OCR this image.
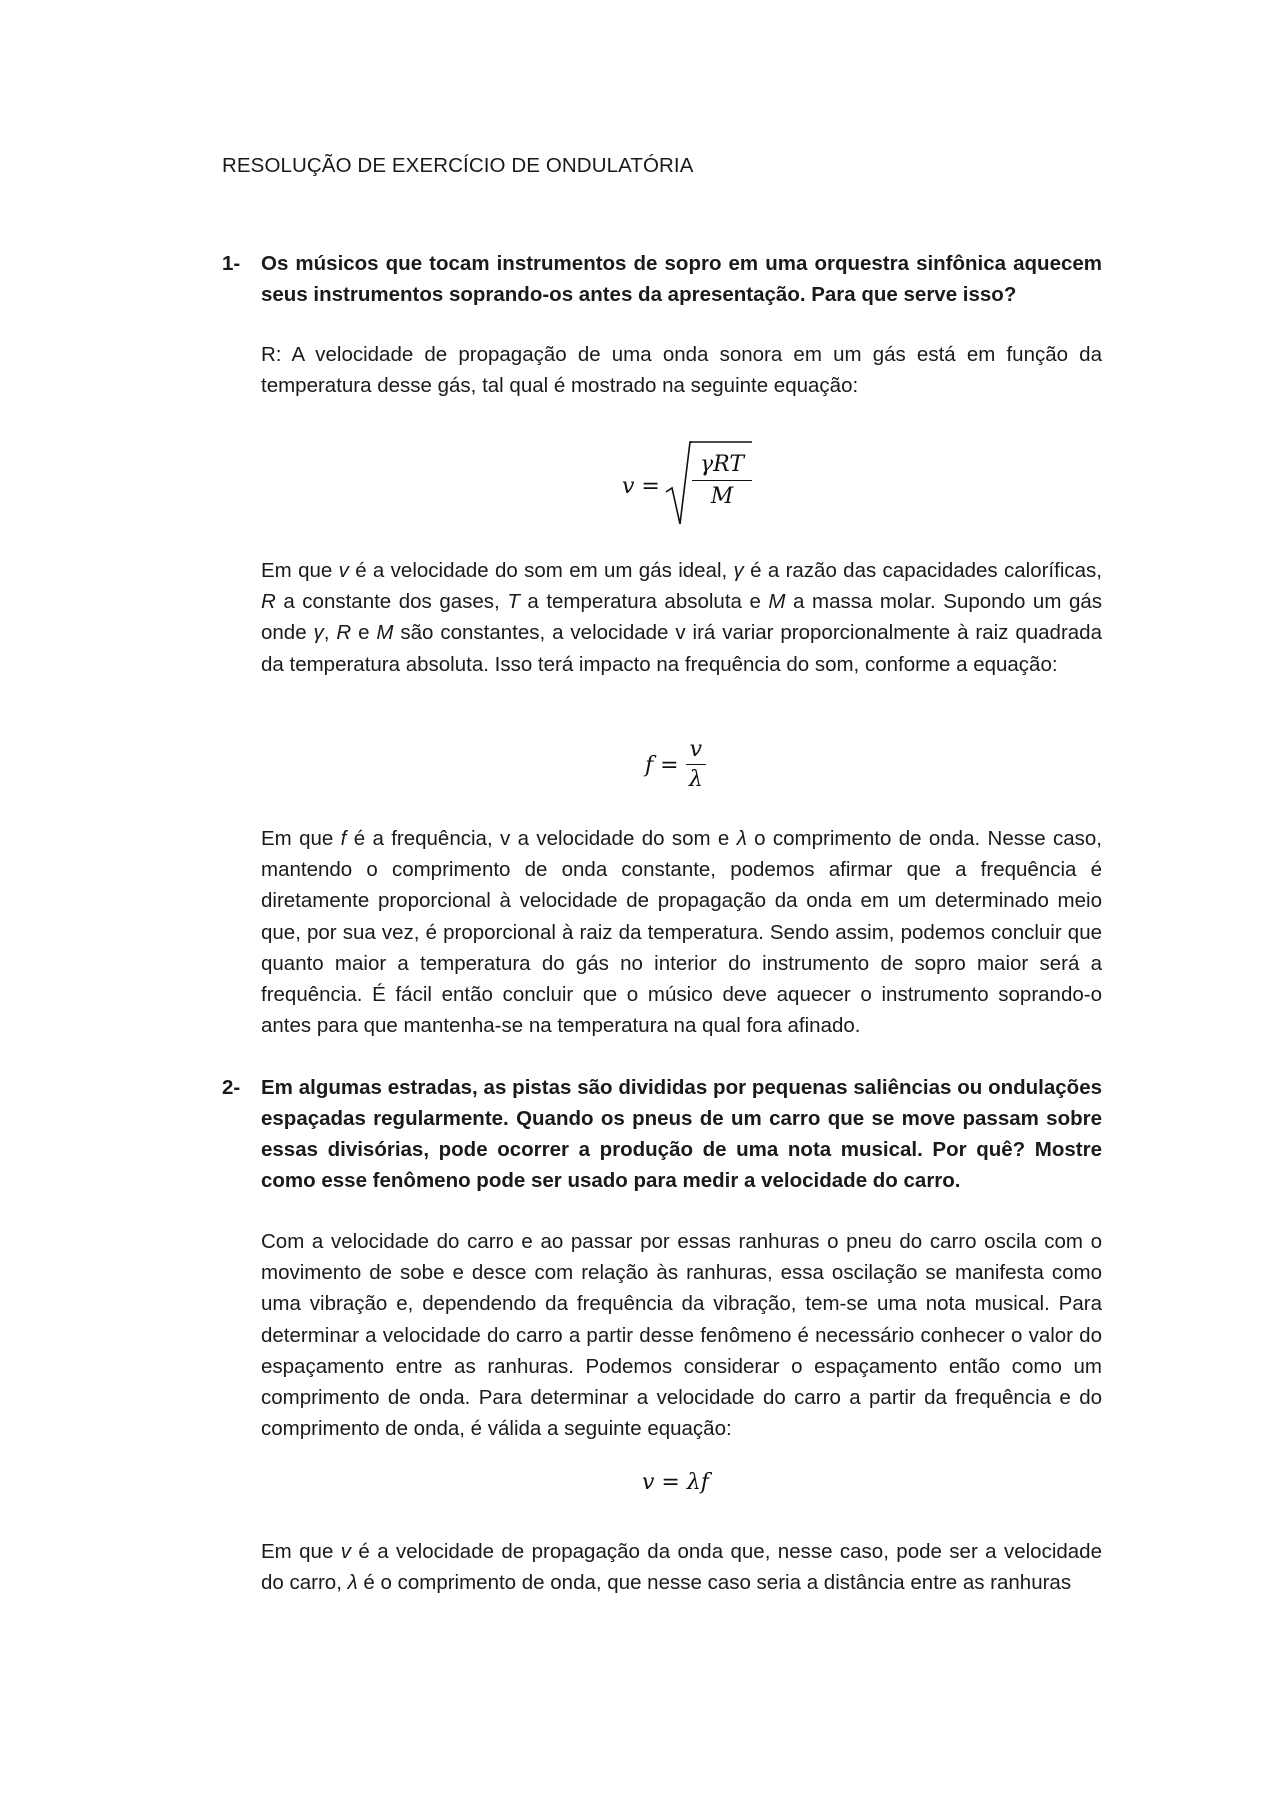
RESOLUÇÃO DE EXERCÍCIO DE ONDULATÓRIA
1- Os músicos que tocam instrumentos de sopro em uma orquestra sinfônica aquecem seus instrumentos soprando-os antes da apresentação. Para que serve isso?
R: A velocidade de propagação de uma onda sonora em um gás está em função da temperatura desse gás, tal qual é mostrado na seguinte equação:
v =
γRT
M
Em que v é a velocidade do som em um gás ideal, γ é a razão das capacidades caloríficas, R a constante dos gases, T a temperatura absoluta e M a massa molar. Supondo um gás onde γ, R e M são constantes, a velocidade v irá variar proporcionalmente à raiz quadrada da temperatura absoluta. Isso terá impacto na frequência do som, conforme a equação:
$f = \frac{v}{\lambda}$
Em que f é a frequência, v a velocidade do som e λ o comprimento de onda. Nesse caso, mantendo o comprimento de onda constante, podemos afirmar que a frequência é diretamente proporcional à velocidade de propagação da onda em um determinado meio que, por sua vez, é proporcional à raiz da temperatura. Sendo assim, podemos concluir que quanto maior a temperatura do gás no interior do instrumento de sopro maior será a frequência. É fácil então concluir que o músico deve aquecer o instrumento soprando-o antes para que mantenha-se na temperatura na qual fora afinado.
2- Em algumas estradas, as pistas são divididas por pequenas saliências ou ondulações espaçadas regularmente. Quando os pneus de um carro que se move passam sobre essas divisórias, pode ocorrer a produção de uma nota musical. Por quê? Mostre como esse fenômeno pode ser usado para medir a velocidade do carro.
Com a velocidade do carro e ao passar por essas ranhuras o pneu do carro oscila com o movimento de sobe e desce com relação às ranhuras, essa oscilação se manifesta como uma vibração e, dependendo da frequência da vibração, tem-se uma nota musical. Para determinar a velocidade do carro a partir desse fenômeno é necessário conhecer o valor do espaçamento entre as ranhuras. Podemos considerar o espaçamento então como um comprimento de onda. Para determinar a velocidade do carro a partir da frequência e do comprimento de onda, é válida a seguinte equação:
v = λf
Em que v é a velocidade de propagação da onda que, nesse caso, pode ser a velocidade do carro, λ é o comprimento de onda, que nesse caso seria a distância entre as ranhuras
